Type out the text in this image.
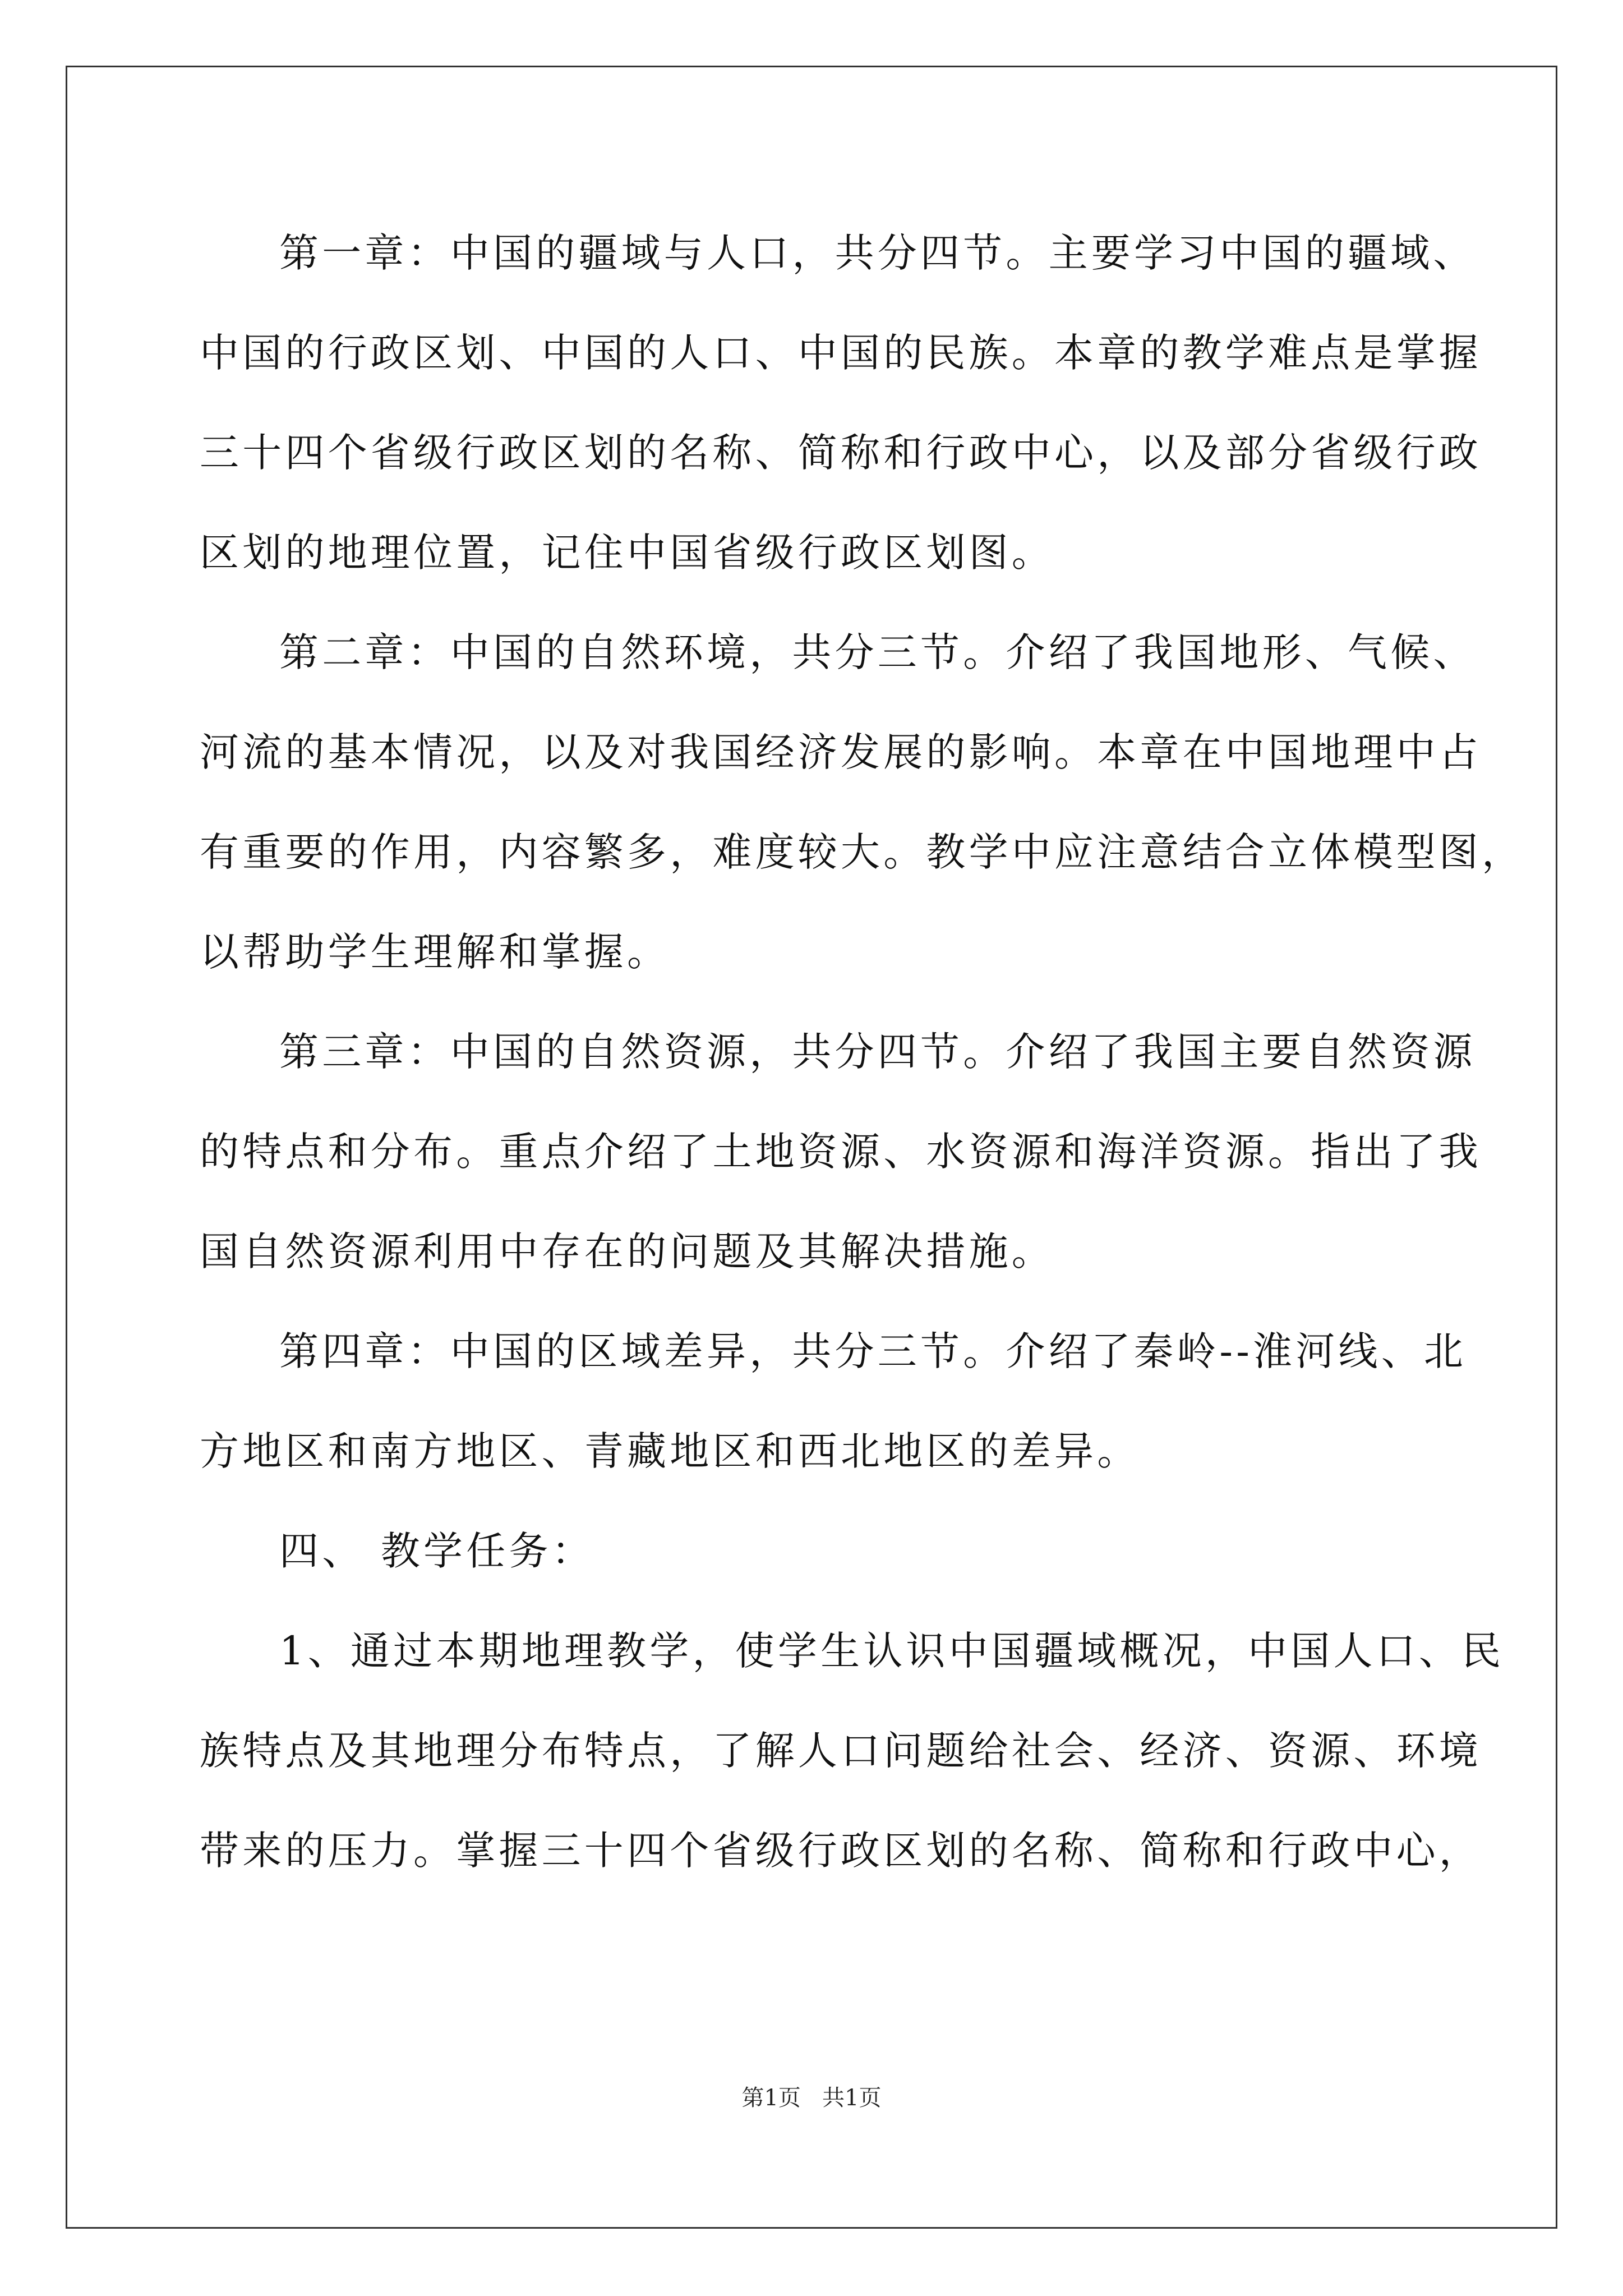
第一章：中国的疆域与人口，共分四节。主要学习中国的疆域、
中国的行政区划、中国的人口、中国的民族。本章的教学难点是掌握
三十四个省级行政区划的名称、简称和行政中心，以及部分省级行政
区划的地理位置，记住中国省级行政区划图。
第二章：中国的自然环境，共分三节。介绍了我国地形、气候、
河流的基本情况，以及对我国经济发展的影响。本章在中国地理中占
有重要的作用，内容繁多，难度较大。教学中应注意结合立体模型图，
以帮助学生理解和掌握。
第三章：中国的自然资源，共分四节。介绍了我国主要自然资源
的特点和分布。重点介绍了土地资源、水资源和海洋资源。指出了我
国自然资源利用中存在的问题及其解决措施。
第四章：中国的区域差异，共分三节。介绍了秦岭--淮河线、北
方地区和南方地区、青藏地区和西北地区的差异。
四、 教学任务：
1、通过本期地理教学，使学生认识中国疆域概况，中国人口、民
族特点及其地理分布特点，了解人口问题给社会、经济、资源、环境
带来的压力。掌握三十四个省级行政区划的名称、简称和行政中心，
第1页   共1页
